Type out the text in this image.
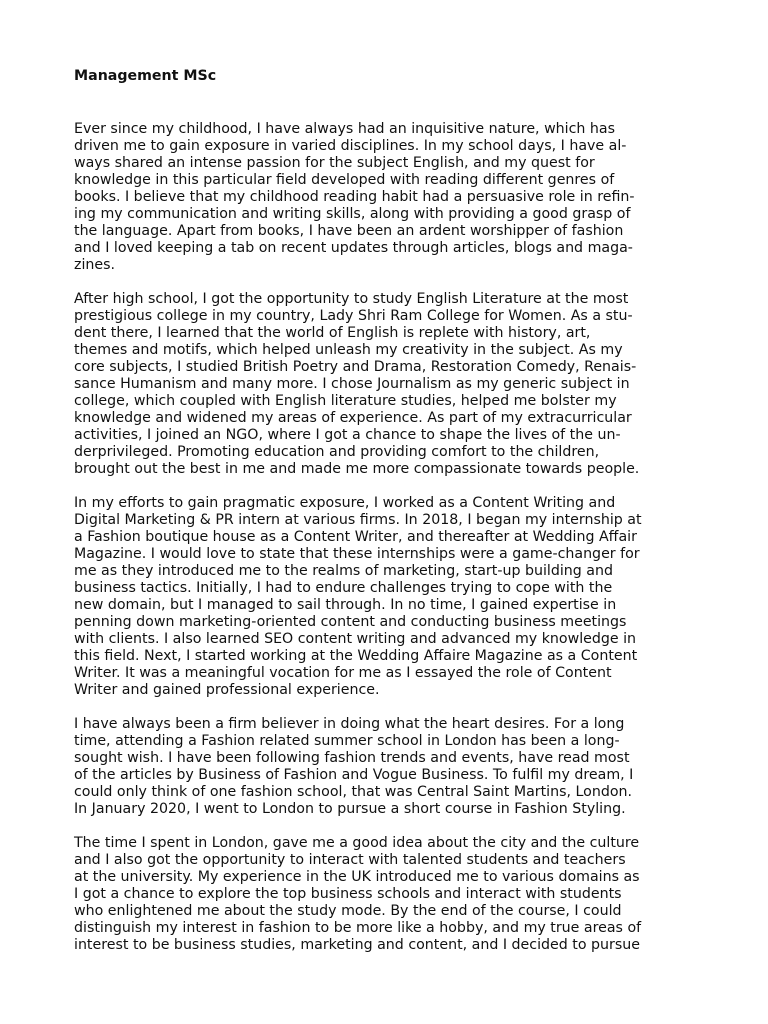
Management MSc
Ever since my childhood, I have always had an inquisitive nature, which has
driven me to gain exposure in varied disciplines. In my school days, I have al-
ways shared an intense passion for the subject English, and my quest for
knowledge in this particular field developed with reading different genres of
books. I believe that my childhood reading habit had a persuasive role in refin-
ing my communication and writing skills, along with providing a good grasp of
the language. Apart from books, I have been an ardent worshipper of fashion
and I loved keeping a tab on recent updates through articles, blogs and maga-
zines.
After high school, I got the opportunity to study English Literature at the most
prestigious college in my country, Lady Shri Ram College for Women. As a stu-
dent there, I learned that the world of English is replete with history, art,
themes and motifs, which helped unleash my creativity in the subject. As my
core subjects, I studied British Poetry and Drama, Restoration Comedy, Renais-
sance Humanism and many more. I chose Journalism as my generic subject in
college, which coupled with English literature studies, helped me bolster my
knowledge and widened my areas of experience. As part of my extracurricular
activities, I joined an NGO, where I got a chance to shape the lives of the un-
derprivileged. Promoting education and providing comfort to the children,
brought out the best in me and made me more compassionate towards people.
In my efforts to gain pragmatic exposure, I worked as a Content Writing and
Digital Marketing & PR intern at various firms. In 2018, I began my internship at
a Fashion boutique house as a Content Writer, and thereafter at Wedding Affair
Magazine. I would love to state that these internships were a game-changer for
me as they introduced me to the realms of marketing, start-up building and
business tactics. Initially, I had to endure challenges trying to cope with the
new domain, but I managed to sail through. In no time, I gained expertise in
penning down marketing-oriented content and conducting business meetings
with clients. I also learned SEO content writing and advanced my knowledge in
this field. Next, I started working at the Wedding Affaire Magazine as a Content
Writer. It was a meaningful vocation for me as I essayed the role of Content
Writer and gained professional experience.
I have always been a firm believer in doing what the heart desires. For a long
time, attending a Fashion related summer school in London has been a long-
sought wish. I have been following fashion trends and events, have read most
of the articles by Business of Fashion and Vogue Business. To fulfil my dream, I
could only think of one fashion school, that was Central Saint Martins, London.
In January 2020, I went to London to pursue a short course in Fashion Styling.
The time I spent in London, gave me a good idea about the city and the culture
and I also got the opportunity to interact with talented students and teachers
at the university. My experience in the UK introduced me to various domains as
I got a chance to explore the top business schools and interact with students
who enlightened me about the study mode. By the end of the course, I could
distinguish my interest in fashion to be more like a hobby, and my true areas of
interest to be business studies, marketing and content, and I decided to pursue
